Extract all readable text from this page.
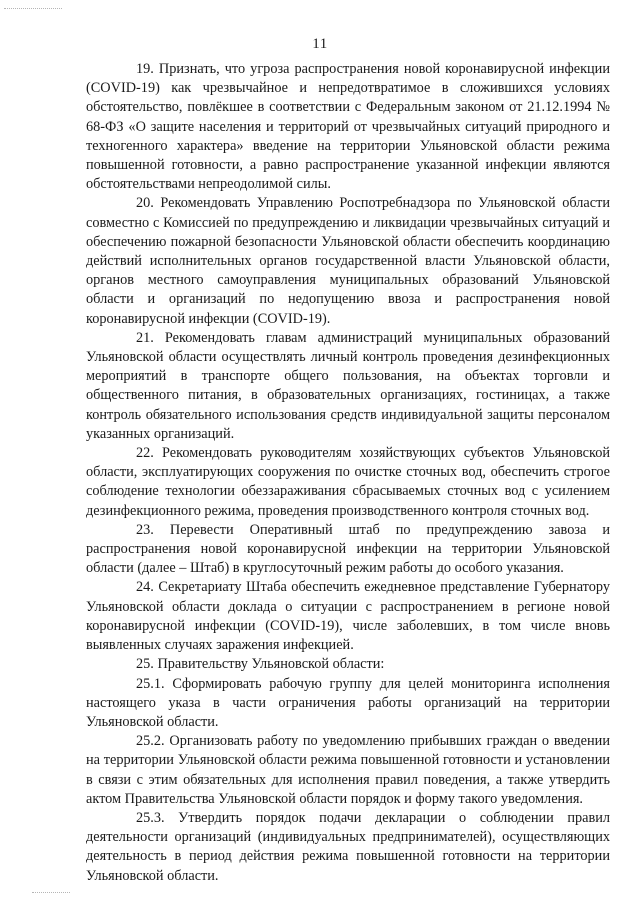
11

19. Признать, что угроза распространения новой коронавирусной инфекции (COVID-19) как чрезвычайное и непредотвратимое в сложившихся условиях обстоятельство, повлёкшее в соответствии с Федеральным законом от 21.12.1994 № 68-ФЗ «О защите населения и территорий от чрезвычайных ситуаций природного и техногенного характера» введение на территории Ульяновской области режима повышенной готовности, а равно распространение указанной инфекции являются обстоятельствами непреодолимой силы.

20. Рекомендовать Управлению Роспотребнадзора по Ульяновской области совместно с Комиссией по предупреждению и ликвидации чрезвычайных ситуаций и обеспечению пожарной безопасности Ульяновской области обеспечить координацию действий исполнительных органов государственной власти Ульяновской области, органов местного самоуправления муниципальных образований Ульяновской области и организаций по недопущению ввоза и распространения новой коронавирусной инфекции (COVID-19).

21. Рекомендовать главам администраций муниципальных образований Ульяновской области осуществлять личный контроль проведения дезинфекционных мероприятий в транспорте общего пользования, на объектах торговли и общественного питания, в образовательных организациях, гостиницах, а также контроль обязательного использования средств индивидуальной защиты персоналом указанных организаций.

22. Рекомендовать руководителям хозяйствующих субъектов Ульяновской области, эксплуатирующих сооружения по очистке сточных вод, обеспечить строгое соблюдение технологии обеззараживания сбрасываемых сточных вод с усилением дезинфекционного режима, проведения производственного контроля сточных вод.

23. Перевести Оперативный штаб по предупреждению завоза и распространения новой коронавирусной инфекции на территории Ульяновской области (далее – Штаб) в круглосуточный режим работы до особого указания.

24. Секретариату Штаба обеспечить ежедневное представление Губернатору Ульяновской области доклада о ситуации с распространением в регионе новой коронавирусной инфекции (COVID-19), числе заболевших, в том числе вновь выявленных случаях заражения инфекцией.

25. Правительству Ульяновской области:

25.1. Сформировать рабочую группу для целей мониторинга исполнения настоящего указа в части ограничения работы организаций на территории Ульяновской области.

25.2. Организовать работу по уведомлению прибывших граждан о введении на территории Ульяновской области режима повышенной готовности и установлении в связи с этим обязательных для исполнения правил поведения, а также утвердить актом Правительства Ульяновской области порядок и форму такого уведомления.

25.3. Утвердить порядок подачи декларации о соблюдении правил деятельности организаций (индивидуальных предпринимателей), осуществляющих деятельность в период действия режима повышенной готовности на территории Ульяновской области.
